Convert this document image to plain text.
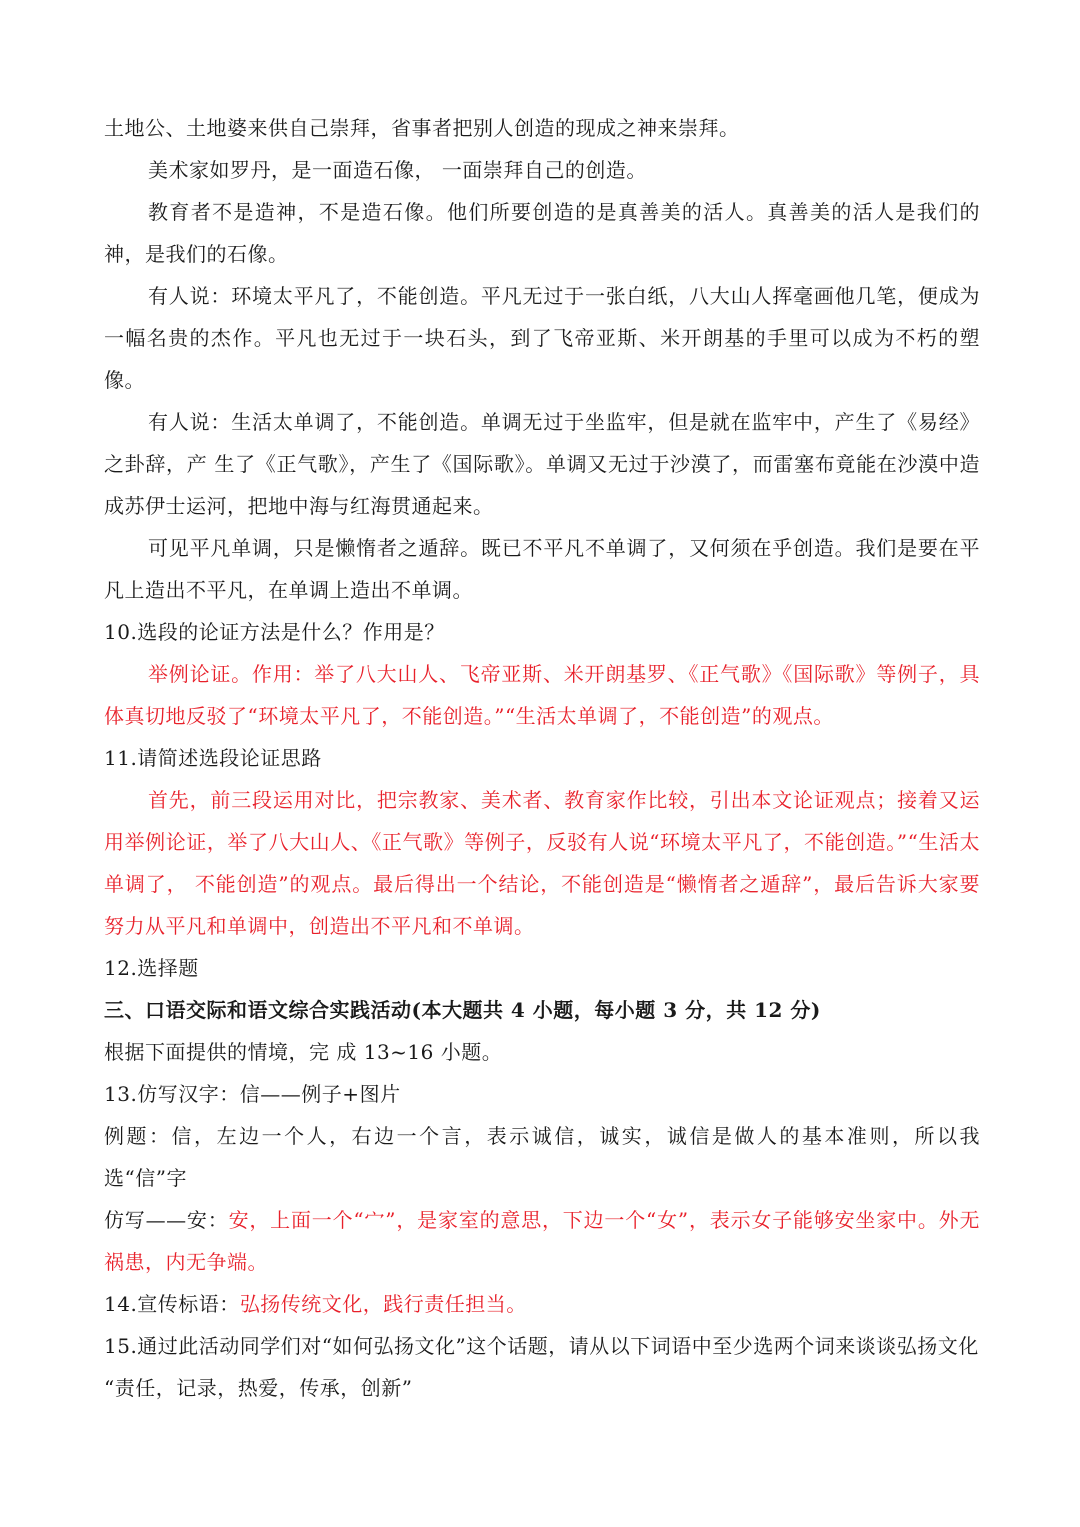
土地公、土地婆来供自己崇拜，省事者把别人创造的现成之神来崇拜。

美术家如罗丹，是一面造石像， 一面崇拜自己的创造。

教育者不是造神，不是造石像。他们所要创造的是真善美的活人。真善美的活人是我们的神，是我们的石像。

有人说：环境太平凡了，不能创造。平凡无过于一张白纸，八大山人挥毫画他几笔，便成为一幅名贵的杰作。平凡也无过于一块石头，到了飞帝亚斯、米开朗基的手里可以成为不朽的塑像。

有人说：生活太单调了，不能创造。单调无过于坐监牢，但是就在监牢中，产生了《易经》之卦辞，产 生了《正气歌》，产生了《国际歌》。单调又无过于沙漠了，而雷塞布竟能在沙漠中造成苏伊士运河，把地中海与红海贯通起来。

可见平凡单调，只是懒惰者之遁辞。既已不平凡不单调了，又何须在乎创造。我们是要在平凡上造出不平凡，在单调上造出不单调。

10.选段的论证方法是什么？作用是？

举例论证。作用：举了八大山人、飞帝亚斯、米开朗基罗、《正气歌》《国际歌》等例子，具体真切地反驳了“环境太平凡了，不能创造。”“生活太单调了，不能创造”的观点。

11.请简述选段论证思路

首先，前三段运用对比，把宗教家、美术者、教育家作比较，引出本文论证观点；接着又运用举例论证，举了八大山人、《正气歌》等例子，反驳有人说“环境太平凡了，不能创造。”“生活太单调了， 不能创造”的观点。最后得出一个结论，不能创造是“懒惰者之遁辞”，最后告诉大家要努力从平凡和单调中，创造出不平凡和不单调。

12.选择题

三、口语交际和语文综合实践活动(本大题共 4 小题，每小题 3 分，共 12 分)

根据下面提供的情境，完 成 13~16 小题。

13.仿写汉字：信——例子+图片

例题：信，左边一个人，右边一个言，表示诚信，诚实，诚信是做人的基本准则，所以我选“信”字

仿写——安：安，上面一个“宀”，是家室的意思，下边一个“女”，表示女子能够安坐家中。外无祸患，内无争端。

14.宣传标语：弘扬传统文化，践行责任担当。

15.通过此活动同学们对“如何弘扬文化”这个话题，请从以下词语中至少选两个词来谈谈弘扬文化

“责任，记录，热爱，传承，创新”
